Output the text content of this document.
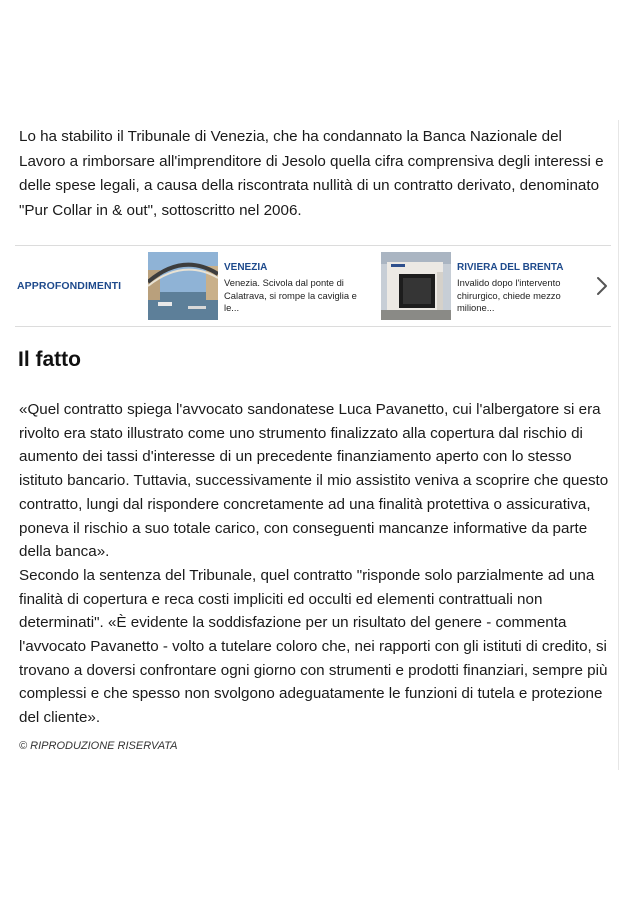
Lo ha stabilito il Tribunale di Venezia, che ha condannato la Banca Nazionale del Lavoro a rimborsare all'imprenditore di Jesolo quella cifra comprensiva degli interessi e delle spese legali, a causa della riscontrata nullità di un contratto derivato, denominato "Pur Collar in & out", sottoscritto nel 2006.

APPROFONDIMENTI

VENEZIA

Venezia. Scivola dal ponte di Calatrava, si rompe la caviglia e le...

RIVIERA DEL BRENTA

Invalido dopo l'intervento chirurgico, chiede mezzo milione...

Il fatto

«Quel contratto spiega l'avvocato sandonatese Luca Pavanetto, cui l'albergatore si era rivolto era stato illustrato come uno strumento finalizzato alla copertura dal rischio di aumento dei tassi d'interesse di un precedente finanziamento aperto con lo stesso istituto bancario. Tuttavia, successivamente il mio assistito veniva a scoprire che questo contratto, lungi dal rispondere concretamente ad una finalità protettiva o assicurativa, poneva il rischio a suo totale carico, con conseguenti mancanze informative da parte della banca».

Secondo la sentenza del Tribunale, quel contratto "risponde solo parzialmente ad una finalità di copertura e reca costi impliciti ed occulti ed elementi contrattuali non determinati". «È evidente la soddisfazione per un risultato del genere - commenta l'avvocato Pavanetto - volto a tutelare coloro che, nei rapporti con gli istituti di credito, si trovano a doversi confrontare ogni giorno con strumenti e prodotti finanziari, sempre più complessi e che spesso non svolgono adeguatamente le funzioni di tutela e protezione del cliente».

© RIPRODUZIONE RISERVATA
